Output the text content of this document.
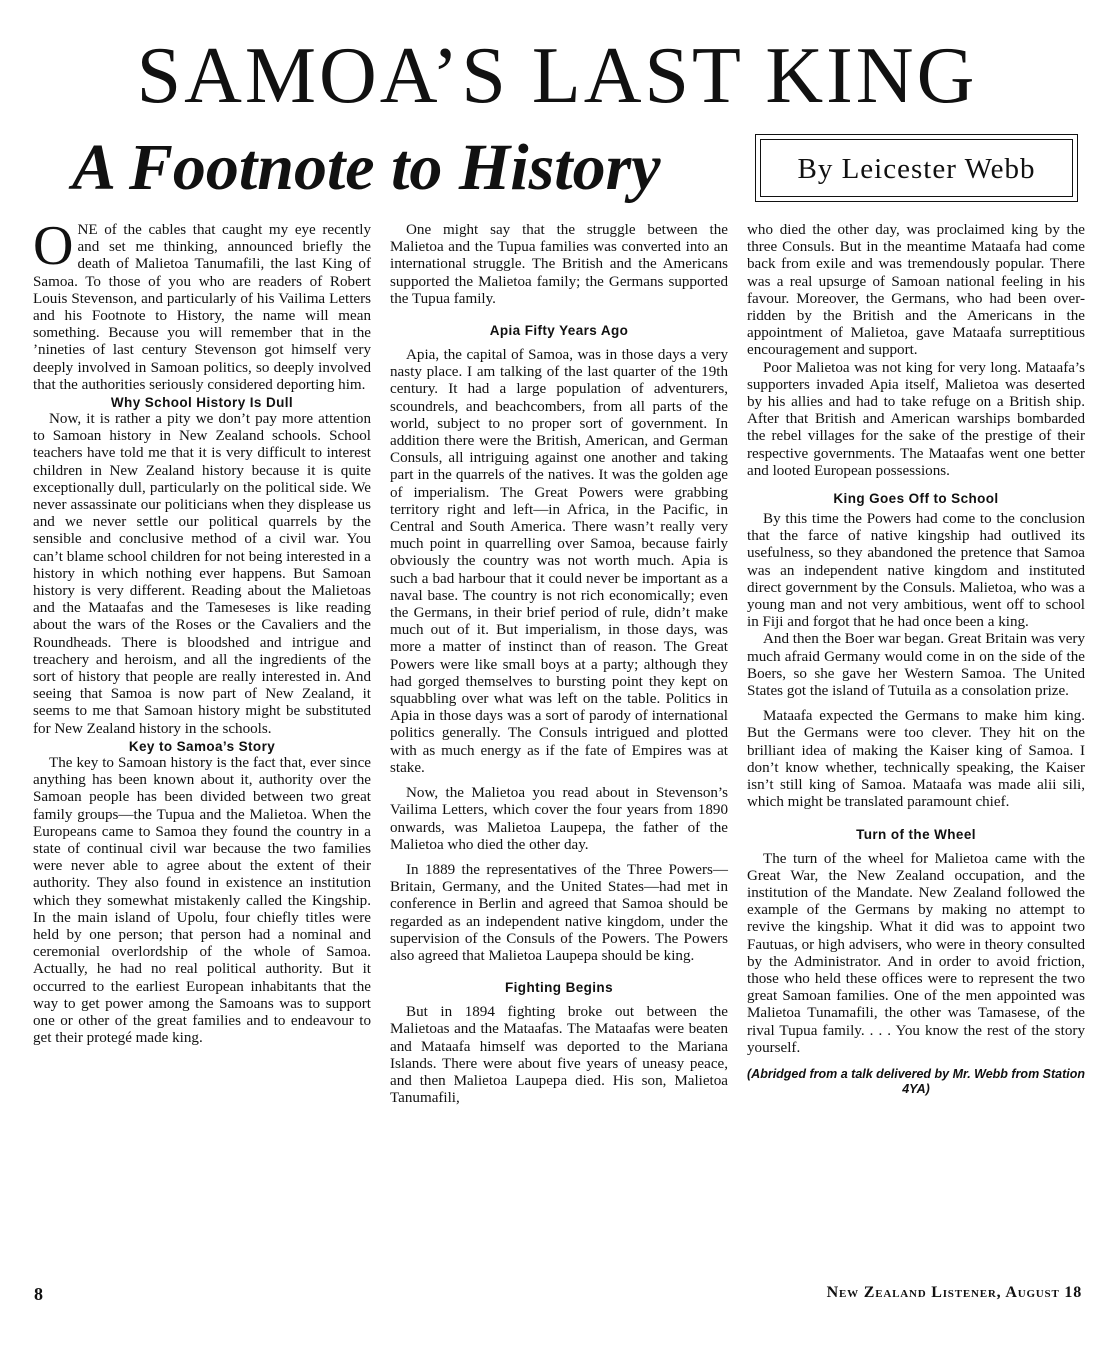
SAMOA’S LAST KING
A Footnote to History	By Leicester Webb

ONE of the cables that caught my eye recently and set me thinking, announced briefly the death of Malietoa Tanumafili, the last King of Samoa. To those of you who are readers of Robert Louis Stevenson, and particularly of his Vailima Letters and his Footnote to History, the name will mean something. Because you will remember that in the ’nineties of last century Stevenson got himself very deeply involved in Samoan politics, so deeply involved that the authorities seriously considered deporting him.

Why School History Is Dull

Now, it is rather a pity we don’t pay more attention to Samoan history in New Zealand schools. School teachers have told me that it is very difficult to interest children in New Zealand history because it is quite exceptionally dull, particularly on the political side. We never assassinate our politicians when they displease us and we never settle our political quarrels by the sensible and conclusive method of a civil war. You can’t blame school children for not being interested in a history in which nothing ever happens. But Samoan history is very different. Reading about the Malietoas and the Mataafas and the Tameseses is like reading about the wars of the Roses or the Cavaliers and the Roundheads. There is bloodshed and intrigue and treachery and heroism, and all the ingredients of the sort of history that people are really interested in. And seeing that Samoa is now part of New Zealand, it seems to me that Samoan history might be substituted for New Zealand history in the schools.

Key to Samoa’s Story

The key to Samoan history is the fact that, ever since anything has been known about it, authority over the Samoan people has been divided between two great family groups—the Tupua and the Malietoa. When the Europeans came to Samoa they found the country in a state of continual civil war because the two families were never able to agree about the extent of their authority. They also found in existence an institution which they somewhat mistakenly called the Kingship. In the main island of Upolu, four chiefly titles were held by one person; that person had a nominal and ceremonial overlordship of the whole of Samoa. Actually, he had no real political authority. But it occurred to the earliest European inhabitants that the way to get power among the Samoans was to support one or other of the great families and to endeavour to get their protegé made king.

One might say that the struggle between the Malietoa and the Tupua families was converted into an international struggle. The British and the Americans supported the Malietoa family; the Germans supported the Tupua family.

Apia Fifty Years Ago

Apia, the capital of Samoa, was in those days a very nasty place. I am talking of the last quarter of the 19th century. It had a large population of adventurers, scoundrels, and beachcombers, from all parts of the world, subject to no proper sort of government. In addition there were the British, American, and German Consuls, all intriguing against one another and taking part in the quarrels of the natives. It was the golden age of imperialism. The Great Powers were grabbing territory right and left—in Africa, in the Pacific, in Central and South America. There wasn’t really very much point in quarrelling over Samoa, because fairly obviously the country was not worth much. Apia is such a bad harbour that it could never be important as a naval base. The country is not rich economically; even the Germans, in their brief period of rule, didn’t make much out of it. But imperialism, in those days, was more a matter of instinct than of reason. The Great Powers were like small boys at a party; although they had gorged themselves to bursting point they kept on squabbling over what was left on the table. Politics in Apia in those days was a sort of parody of international politics generally. The Consuls intrigued and plotted with as much energy as if the fate of Empires was at stake.

Now, the Malietoa you read about in Stevenson’s Vailima Letters, which cover the four years from 1890 onwards, was Malietoa Laupepa, the father of the Malietoa who died the other day.

In 1889 the representatives of the Three Powers—Britain, Germany, and the United States—had met in conference in Berlin and agreed that Samoa should be regarded as an independent native kingdom, under the supervision of the Consuls of the Powers. The Powers also agreed that Malietoa Laupepa should be king.

Fighting Begins

But in 1894 fighting broke out between the Malietoas and the Mataafas. The Mataafas were beaten and Mataafa himself was deported to the Mariana Islands. There were about five years of uneasy peace, and then Malietoa Laupepa died. His son, Malietoa Tanumafili,

who died the other day, was proclaimed king by the three Consuls. But in the meantime Mataafa had come back from exile and was tremendously popular. There was a real upsurge of Samoan national feeling in his favour. Moreover, the Germans, who had been over-ridden by the British and the Americans in the appointment of Malietoa, gave Mataafa surreptitious encouragement and support.

Poor Malietoa was not king for very long. Mataafa’s supporters invaded Apia itself, Malietoa was deserted by his allies and had to take refuge on a British ship. After that British and American warships bombarded the rebel villages for the sake of the prestige of their respective governments. The Mataafas went one better and looted European possessions.

King Goes Off to School

By this time the Powers had come to the conclusion that the farce of native kingship had outlived its usefulness, so they abandoned the pretence that Samoa was an independent native kingdom and instituted direct government by the Consuls. Malietoa, who was a young man and not very ambitious, went off to school in Fiji and forgot that he had once been a king.

And then the Boer war began. Great Britain was very much afraid Germany would come in on the side of the Boers, so she gave her Western Samoa. The United States got the island of Tutuila as a consolation prize.

Mataafa expected the Germans to make him king. But the Germans were too clever. They hit on the brilliant idea of making the Kaiser king of Samoa. I don’t know whether, technically speaking, the Kaiser isn’t still king of Samoa. Mataafa was made alii sili, which might be translated paramount chief.

Turn of the Wheel

The turn of the wheel for Malietoa came with the Great War, the New Zealand occupation, and the institution of the Mandate. New Zealand followed the example of the Germans by making no attempt to revive the kingship. What it did was to appoint two Fautuas, or high advisers, who were in theory consulted by the Administrator. And in order to avoid friction, those who held these offices were to represent the two great Samoan families. One of the men appointed was Malietoa Tunamafili, the other was Tamasese, of the rival Tupua family. . . . You know the rest of the story yourself.

(Abridged from a talk delivered by Mr. Webb from Station 4YA)
8	New Zealand Listener, August 18
